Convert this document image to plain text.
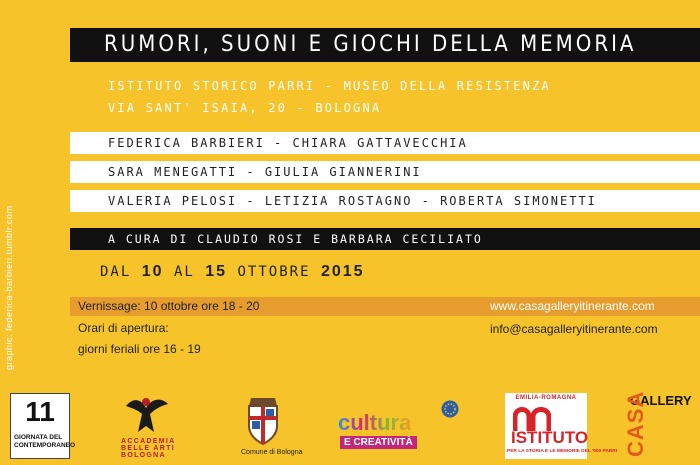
RUMORI, SUONI E GIOCHI DELLA MEMORIA
ISTITUTO STORICO PARRI - MUSEO DELLA RESISTENZA
VIA SANT' ISAIA, 20 - BOLOGNA
FEDERICA BARBIERI - CHIARA GATTAVECCHIA
SARA MENEGATTI - GIULIA GIANNERINI
VALERIA PELOSI - LETIZIA ROSTAGNO - ROBERTA SIMONETTI
A CURA DI CLAUDIO ROSI E BARBARA CECILIATO
DAL 10 AL 15 OTTOBRE 2015
Vernissage: 10 ottobre ore 18 - 20	www.casagalleryitinerante.com
info@casagalleryitinerante.com
Orari di apertura:
giorni feriali ore 16 - 19
graphic: federica-barbieri.tumblr.com
11
GIORNATA DEL CONTEMPORANEO	ACCADEMIA BELLE ARTI BOLOGNA	Comune di Bologna
cultura
E CREATIVITÀ
EMILIA-ROMAGNA
ISTITUTO
PER LA STORIA E LE MEMORIE DEL '900 PARRI
GALLERY
CASA
